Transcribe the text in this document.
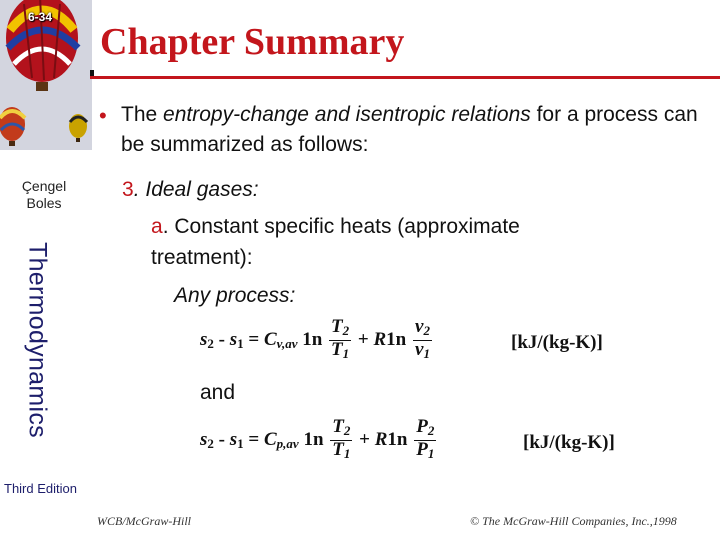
6-34
Çengel
Boles
Thermodynamics
Third Edition
Chapter Summary
• The entropy-change and isentropic relations for a process can be summarized as follows:
3. Ideal gases:
a. Constant specific heats (approximate treatment):
Any process:
$s_2 - s_1 = C_{v,av}$ $1n \frac{T_2}{T_1} + R1n \frac{v_2}{v_1}$	[kJ/(kg-K)]
and
$s_2 - s_1 = C_{p,av}$ $1n \frac{T_2}{T_1} + R1n \frac{P_2}{P_1}$	[kJ/(kg-K)]
WCB/McGraw-Hill	© The McGraw-Hill Companies, Inc.,1998
